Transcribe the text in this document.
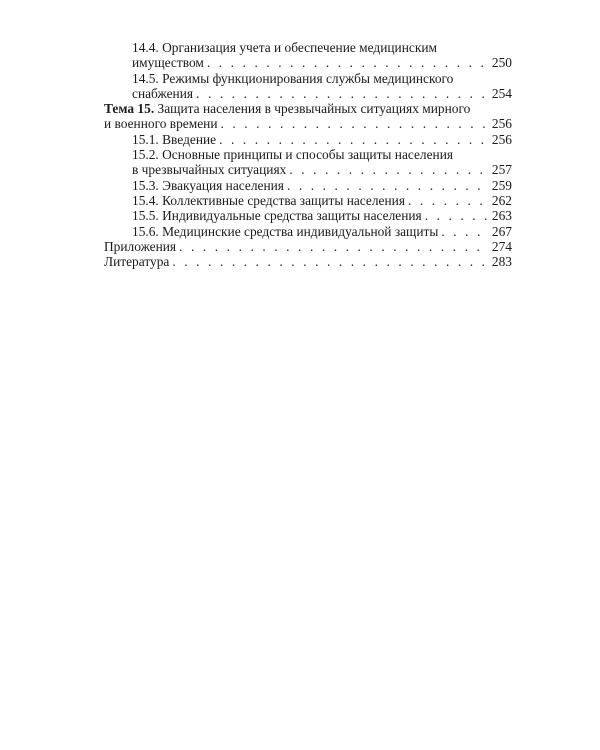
14.4. Организация учета и обеспечение медицинским
имуществом . . .	250
14.5. Режимы функционирования службы медицинского
снабжения . . .	254
Тема 15. Защита населения в чрезвычайных ситуациях мирного
и военного времени . . .	256
15.1. Введение . . .	256
15.2. Основные принципы и способы защиты населения
в чрезвычайных ситуациях . . .	257
15.3. Эвакуация населения . . .	259
15.4. Коллективные средства защиты населения . . .	262
15.5. Индивидуальные средства защиты населения . . .	263
15.6. Медицинские средства индивидуальной защиты . . .	267
Приложения . . .	274
Литература . . .	283
